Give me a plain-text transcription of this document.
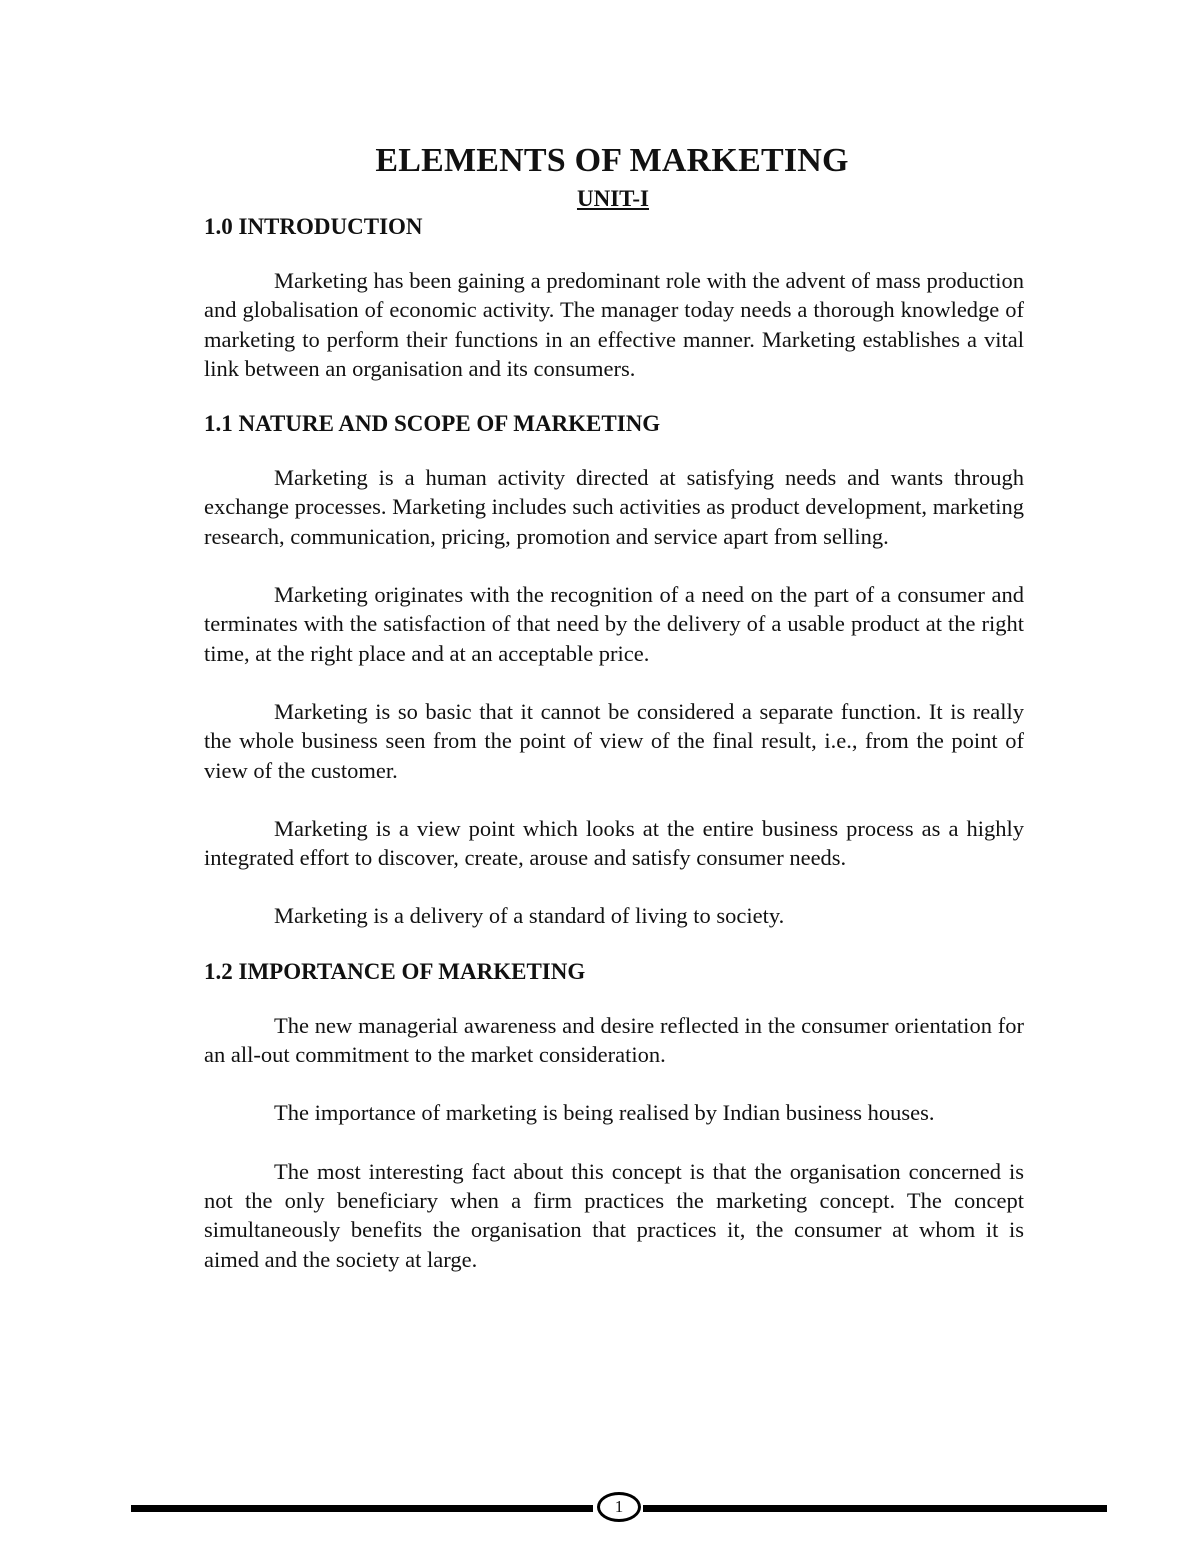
ELEMENTS OF MARKETING
UNIT-I
1.0 INTRODUCTION

Marketing has been gaining a predominant role with the advent of mass production and globalisation of economic activity. The manager today needs a thorough knowledge of marketing to perform their functions in an effective manner. Marketing establishes a vital link between an organisation and its consumers.

1.1 NATURE AND SCOPE OF MARKETING

Marketing is a human activity directed at satisfying needs and wants through exchange processes. Marketing includes such activities as product development, marketing research, communication, pricing, promotion and service apart from selling.

Marketing originates with the recognition of a need on the part of a consumer and terminates with the satisfaction of that need by the delivery of a usable product at the right time, at the right place and at an acceptable price.

Marketing is so basic that it cannot be considered a separate function. It is really the whole business seen from the point of view of the final result, i.e., from the point of view of the customer.

Marketing is a view point which looks at the entire business process as a highly integrated effort to discover, create, arouse and satisfy consumer needs.

Marketing is a delivery of a standard of living to society.

1.2 IMPORTANCE OF MARKETING

The new managerial awareness and desire reflected in the consumer orientation for an all-out commitment to the market consideration.

The importance of marketing is being realised by Indian business houses.

The most interesting fact about this concept is that the organisation concerned is not the only beneficiary when a firm practices the marketing concept. The concept simultaneously benefits the organisation that practices it, the consumer at whom it is aimed and the society at large.

1
